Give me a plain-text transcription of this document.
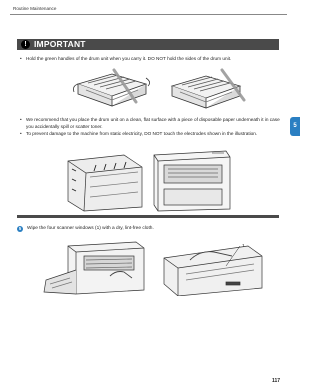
Routine Maintenance
5
! IMPORTANT
• Hold the green handles of the drum unit when you carry it. DO NOT hold the sides of the drum unit.
• We recommend that you place the drum unit on a clean, flat surface with a piece of disposable paper underneath it in case you accidentally spill or scatter toner.
• To prevent damage to the machine from static electricity, DO NOT touch the electrodes shown in the illustration.
5	Wipe the four scanner windows (1) with a dry, lint-free cloth.
1
117
